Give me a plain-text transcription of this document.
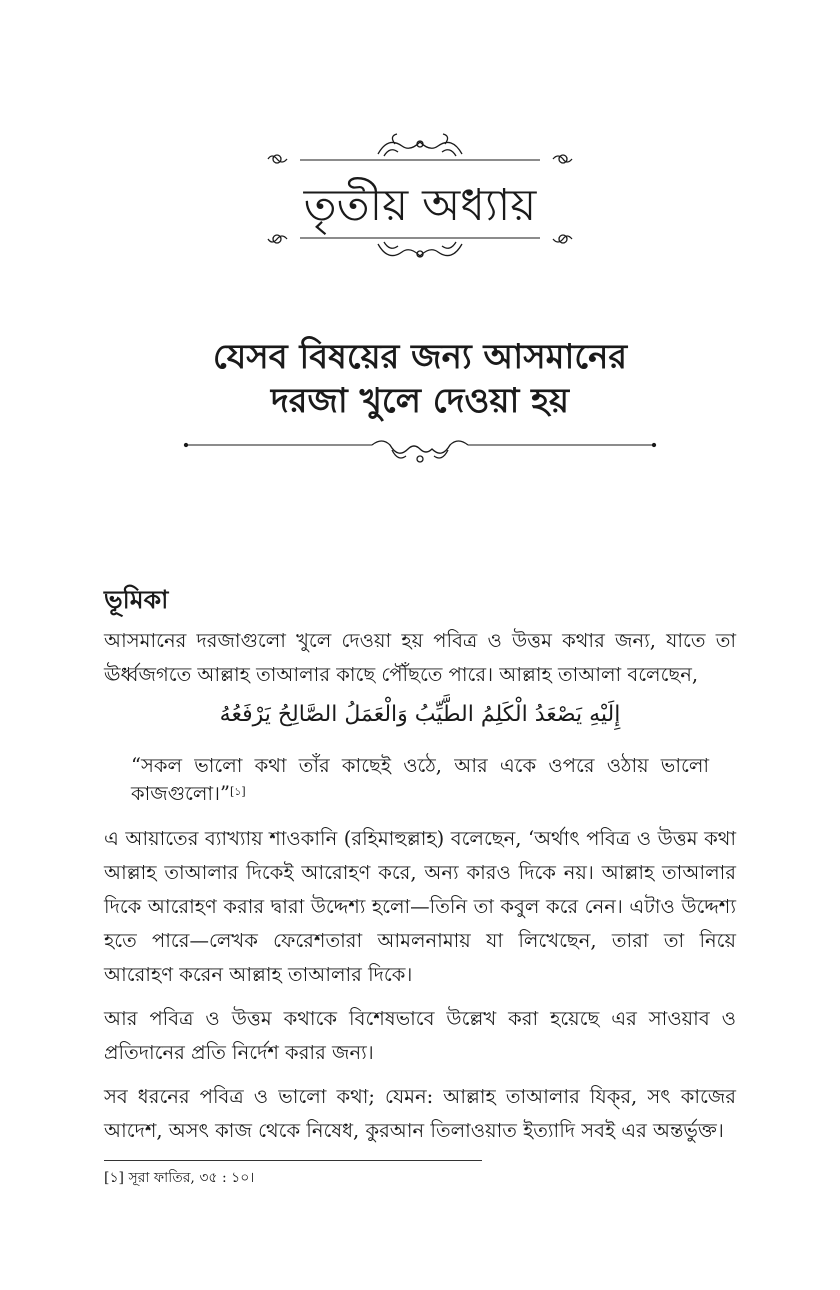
তৃতীয় অধ্যায়
যেসব বিষয়ের জন্য আসমানের
দরজা খুলে দেওয়া হয়
ভূমিকা

আসমানের দরজাগুলো খুলে দেওয়া হয় পবিত্র ও উত্তম কথার জন্য, যাতে তা ঊর্ধ্বজগতে আল্লাহ তাআলার কাছে পৌঁছতে পারে। আল্লাহ তাআলা বলেছেন,

إِلَيْهِ يَصْعَدُ الْكَلِمُ الطَّيِّبُ وَالْعَمَلُ الصَّالِحُ يَرْفَعُهُ

“সকল ভালো কথা তাঁর কাছেই ওঠে, আর একে ওপরে ওঠায় ভালো কাজগুলো।”[১]

এ আয়াতের ব্যাখ্যায় শাওকানি (রহিমাহুল্লাহ) বলেছেন, ‘অর্থাৎ পবিত্র ও উত্তম কথা আল্লাহ তাআলার দিকেই আরোহণ করে, অন্য কারও দিকে নয়। আল্লাহ তাআলার দিকে আরোহণ করার দ্বারা উদ্দেশ্য হলো—তিনি তা কবুল করে নেন। এটাও উদ্দেশ্য হতে পারে—লেখক ফেরেশতারা আমলনামায় যা লিখেছেন, তারা তা নিয়ে আরোহণ করেন আল্লাহ তাআলার দিকে।

আর পবিত্র ও উত্তম কথাকে বিশেষভাবে উল্লেখ করা হয়েছে এর সাওয়াব ও প্রতিদানের প্রতি নির্দেশ করার জন্য।

সব ধরনের পবিত্র ও ভালো কথা; যেমন: আল্লাহ তাআলার যিক্‌র, সৎ কাজের আদেশ, অসৎ কাজ থেকে নিষেধ, কুরআন তিলাওয়াত ইত্যাদি সবই এর অন্তর্ভুক্ত।

[১] সূরা ফাতির, ৩৫ : ১০।
